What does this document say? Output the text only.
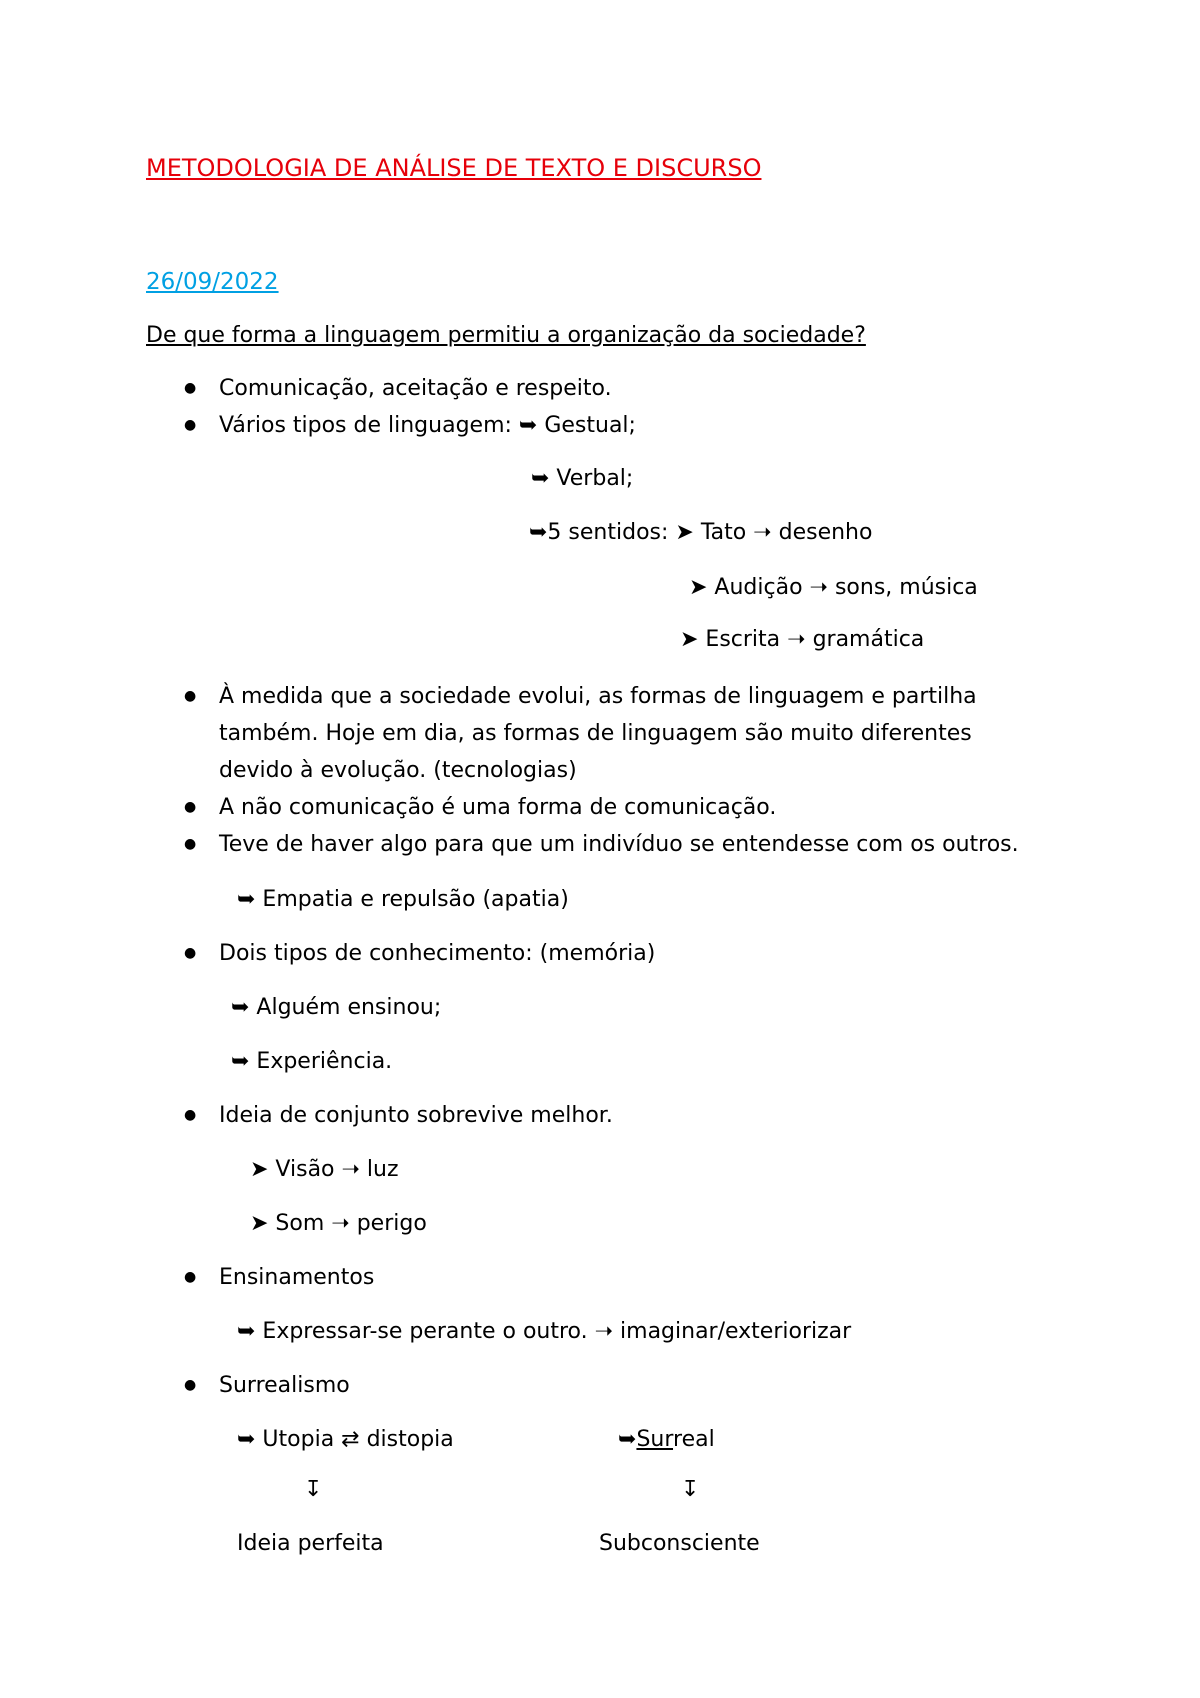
METODOLOGIA DE ANÁLISE DE TEXTO E DISCURSO
26/09/2022
De que forma a linguagem permitiu a organização da sociedade?
● Comunicação, aceitação e respeito.
● Vários tipos de linguagem: ➥ Gestual;
➥ Verbal;
➥5 sentidos: ➤ Tato ➝ desenho
➤ Audição ➝ sons, música
➤ Escrita ➝ gramática
● À medida que a sociedade evolui, as formas de linguagem e partilha
também. Hoje em dia, as formas de linguagem são muito diferentes
devido à evolução. (tecnologias)
● A não comunicação é uma forma de comunicação.
● Teve de haver algo para que um indivíduo se entendesse com os outros.
➥ Empatia e repulsão (apatia)
● Dois tipos de conhecimento: (memória)
➥ Alguém ensinou;
➥ Experiência.
● Ideia de conjunto sobrevive melhor.
➤ Visão ➝ luz
➤ Som ➝ perigo
● Ensinamentos
➥ Expressar-se perante o outro. ➝ imaginar/exteriorizar
● Surrealismo
➥ Utopia ⇄ distopia	➥Surreal
↧	↧
Ideia perfeita	Subconsciente
